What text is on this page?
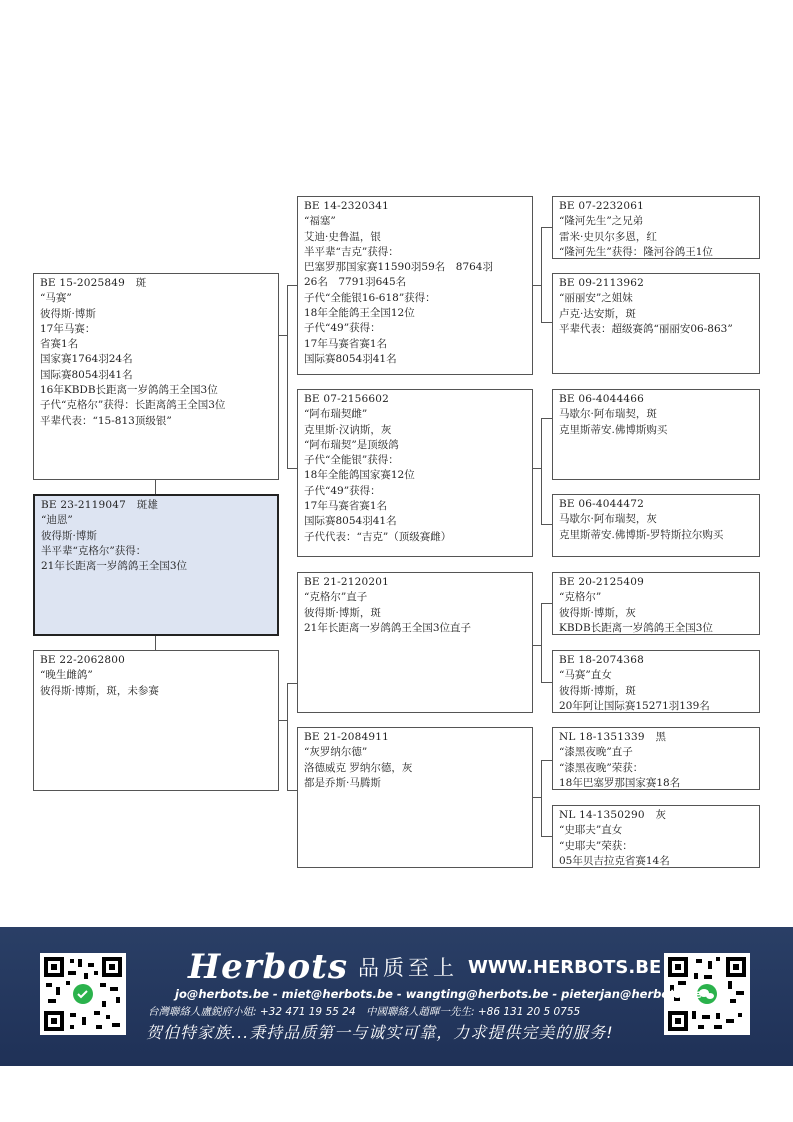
BE 15-2025849　斑
“马赛”
彼得斯·博斯
17年马赛：
省赛1名
国家赛1764羽24名
国际赛8054羽41名
16年KBDB长距离一岁鸽鸽王全国3位
子代“克格尔”获得：长距离鸽王全国3位
平辈代表：“15-813顶级银”
BE 23-2119047　斑雄
“迪恩”
彼得斯·博斯
半平辈“克格尔”获得：
21年长距离一岁鸽鸽王全国3位
BE 22-2062800
“晚生雌鸽”
彼得斯·博斯，斑，未参赛
BE 14-2320341
“福塞”
艾迪·史鲁温，银
半平辈“吉克”获得：
巴塞罗那国家赛11590羽59名　8764羽
26名　7791羽645名
子代“全能银16-618”获得：
18年全能鸽王全国12位
子代“49”获得：
17年马赛省赛1名
国际赛8054羽41名
BE 07-2156602
“阿布瑞契雌”
克里斯·汉讷斯，灰
“阿布瑞契”是顶级鸽
子代“全能银”获得：
18年全能鸽国家赛12位
子代“49”获得：
17年马赛省赛1名
国际赛8054羽41名
子代代表：“吉克”（顶级赛雌）
BE 21-2120201
“克格尔”直子
彼得斯·博斯，斑
21年长距离一岁鸽鸽王全国3位直子
BE 21-2084911
“灰罗纳尔德”
洛德威克 罗纳尔德，灰
都是乔斯·马腾斯
BE 07-2232061
“隆河先生”之兄弟
雷米·史贝尔多恩，红
“隆河先生”获得：隆河谷鸽王1位
BE 09-2113962
“丽丽安”之姐妹
卢克·达安斯，斑
平辈代表：超级赛鸽“丽丽安06-863”
BE 06-4044466
马歇尔·阿布瑞契，斑
克里斯蒂安.佛博斯购买
BE 06-4044472
马歇尔·阿布瑞契，灰
克里斯蒂安.佛博斯-罗特斯拉尔购买
BE 20-2125409
“克格尔”
彼得斯·博斯，灰
KBDB长距离一岁鸽鸽王全国3位
BE 18-2074368
“马赛”直女
彼得斯·博斯，斑
20年阿让国际赛15271羽139名
NL 18-1351339　黑
“漆黑夜晚”直子
“漆黑夜晚”荣获：
18年巴塞罗那国家赛18名
NL 14-1350290　灰
“史耶夫”直女
“史耶夫”荣获：
05年贝吉拉克省赛14名
Herbots 品质至上 WWW.HERBOTS.BE
jo@herbots.be - miet@herbots.be - wangting@herbots.be - pieterjan@herbots.be
台灣聯絡人盧鋭府小姐: +32 471 19 55 24　中國聯絡人趙暉一先生: +86 131 20 5 0755
贺伯特家族...秉持品质第一与诚实可靠，力求提供完美的服务!
